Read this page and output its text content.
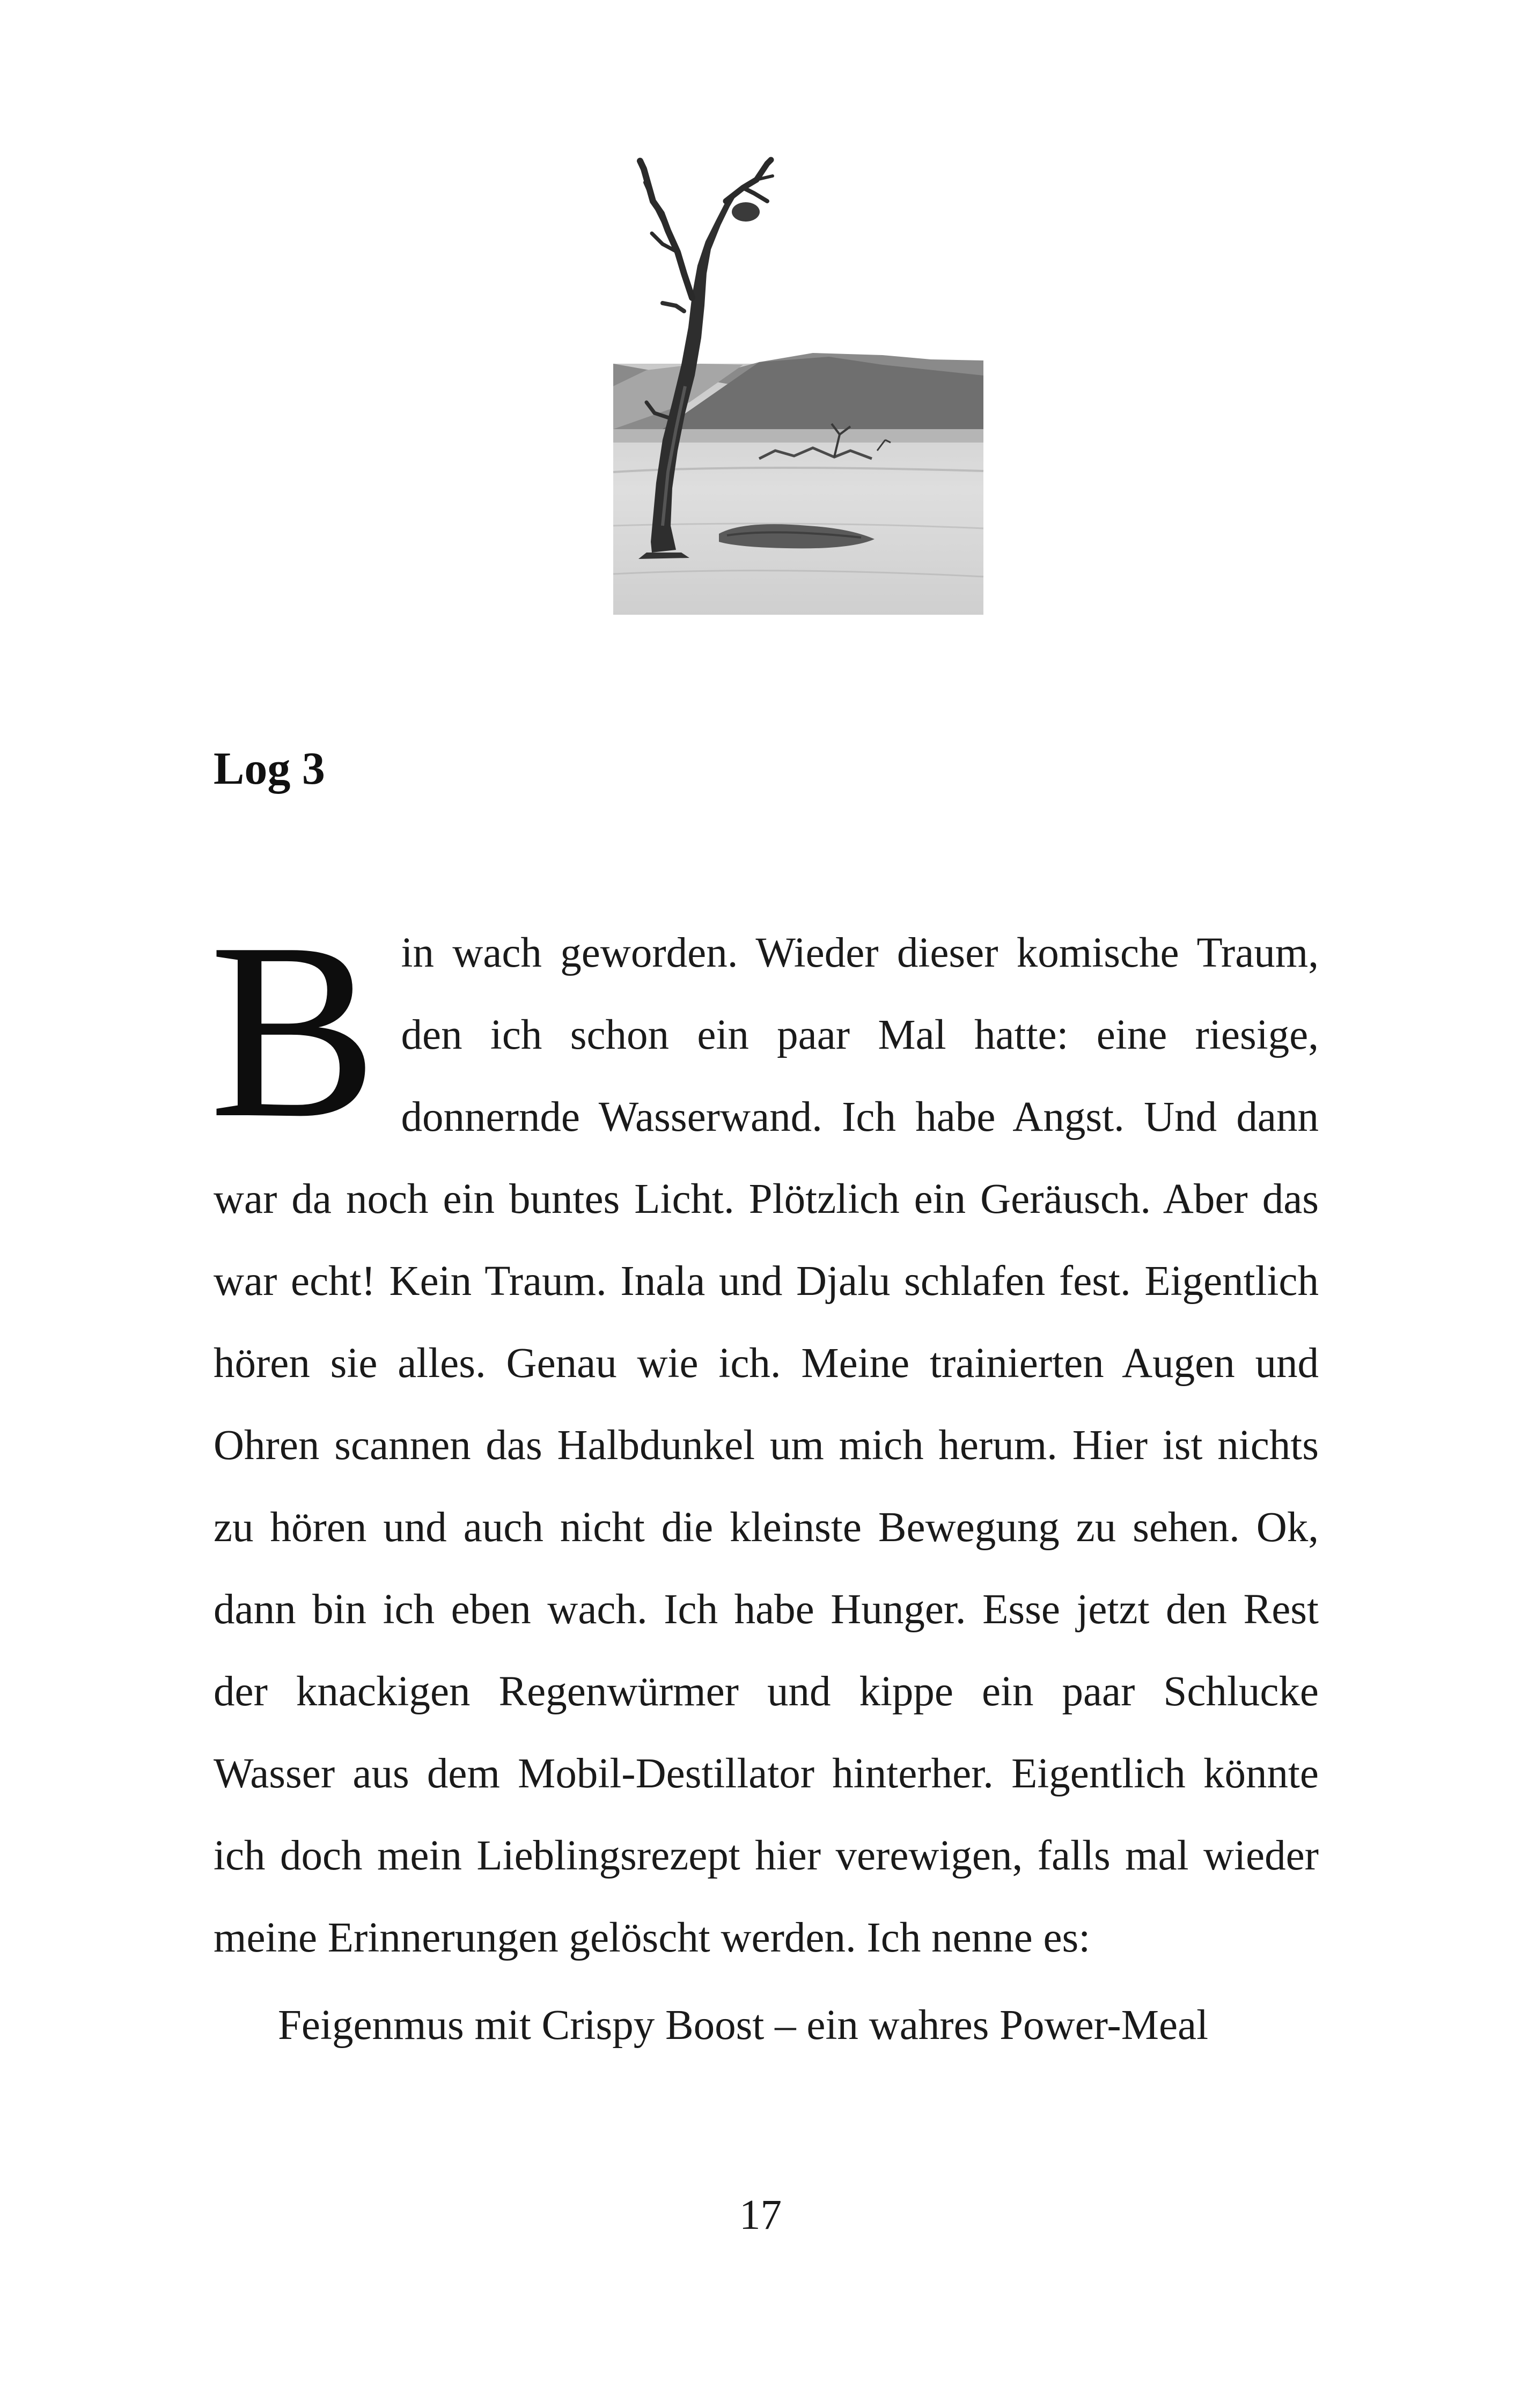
Log 3

Bin wach geworden. Wieder dieser komische Traum, den ich schon ein paar Mal hatte: eine riesige, donnernde Wasserwand. Ich habe Angst. Und dann war da noch ein buntes Licht. Plötzlich ein Geräusch. Aber das war echt! Kein Traum. Inala und Djalu schlafen fest. Eigentlich hören sie alles. Genau wie ich. Meine trainierten Augen und Ohren scannen das Halbdunkel um mich herum. Hier ist nichts zu hören und auch nicht die kleinste Bewegung zu sehen. Ok, dann bin ich eben wach. Ich habe Hunger. Esse jetzt den Rest der knackigen Regenwürmer und kippe ein paar Schlucke Wasser aus dem Mobil-Destillator hinterher. Eigentlich könnte ich doch mein Lieblingsrezept hier verewigen, falls mal wieder meine Erinnerungen gelöscht werden. Ich nenne es:

Feigenmus mit Crispy Boost – ein wahres Power-Meal

17
